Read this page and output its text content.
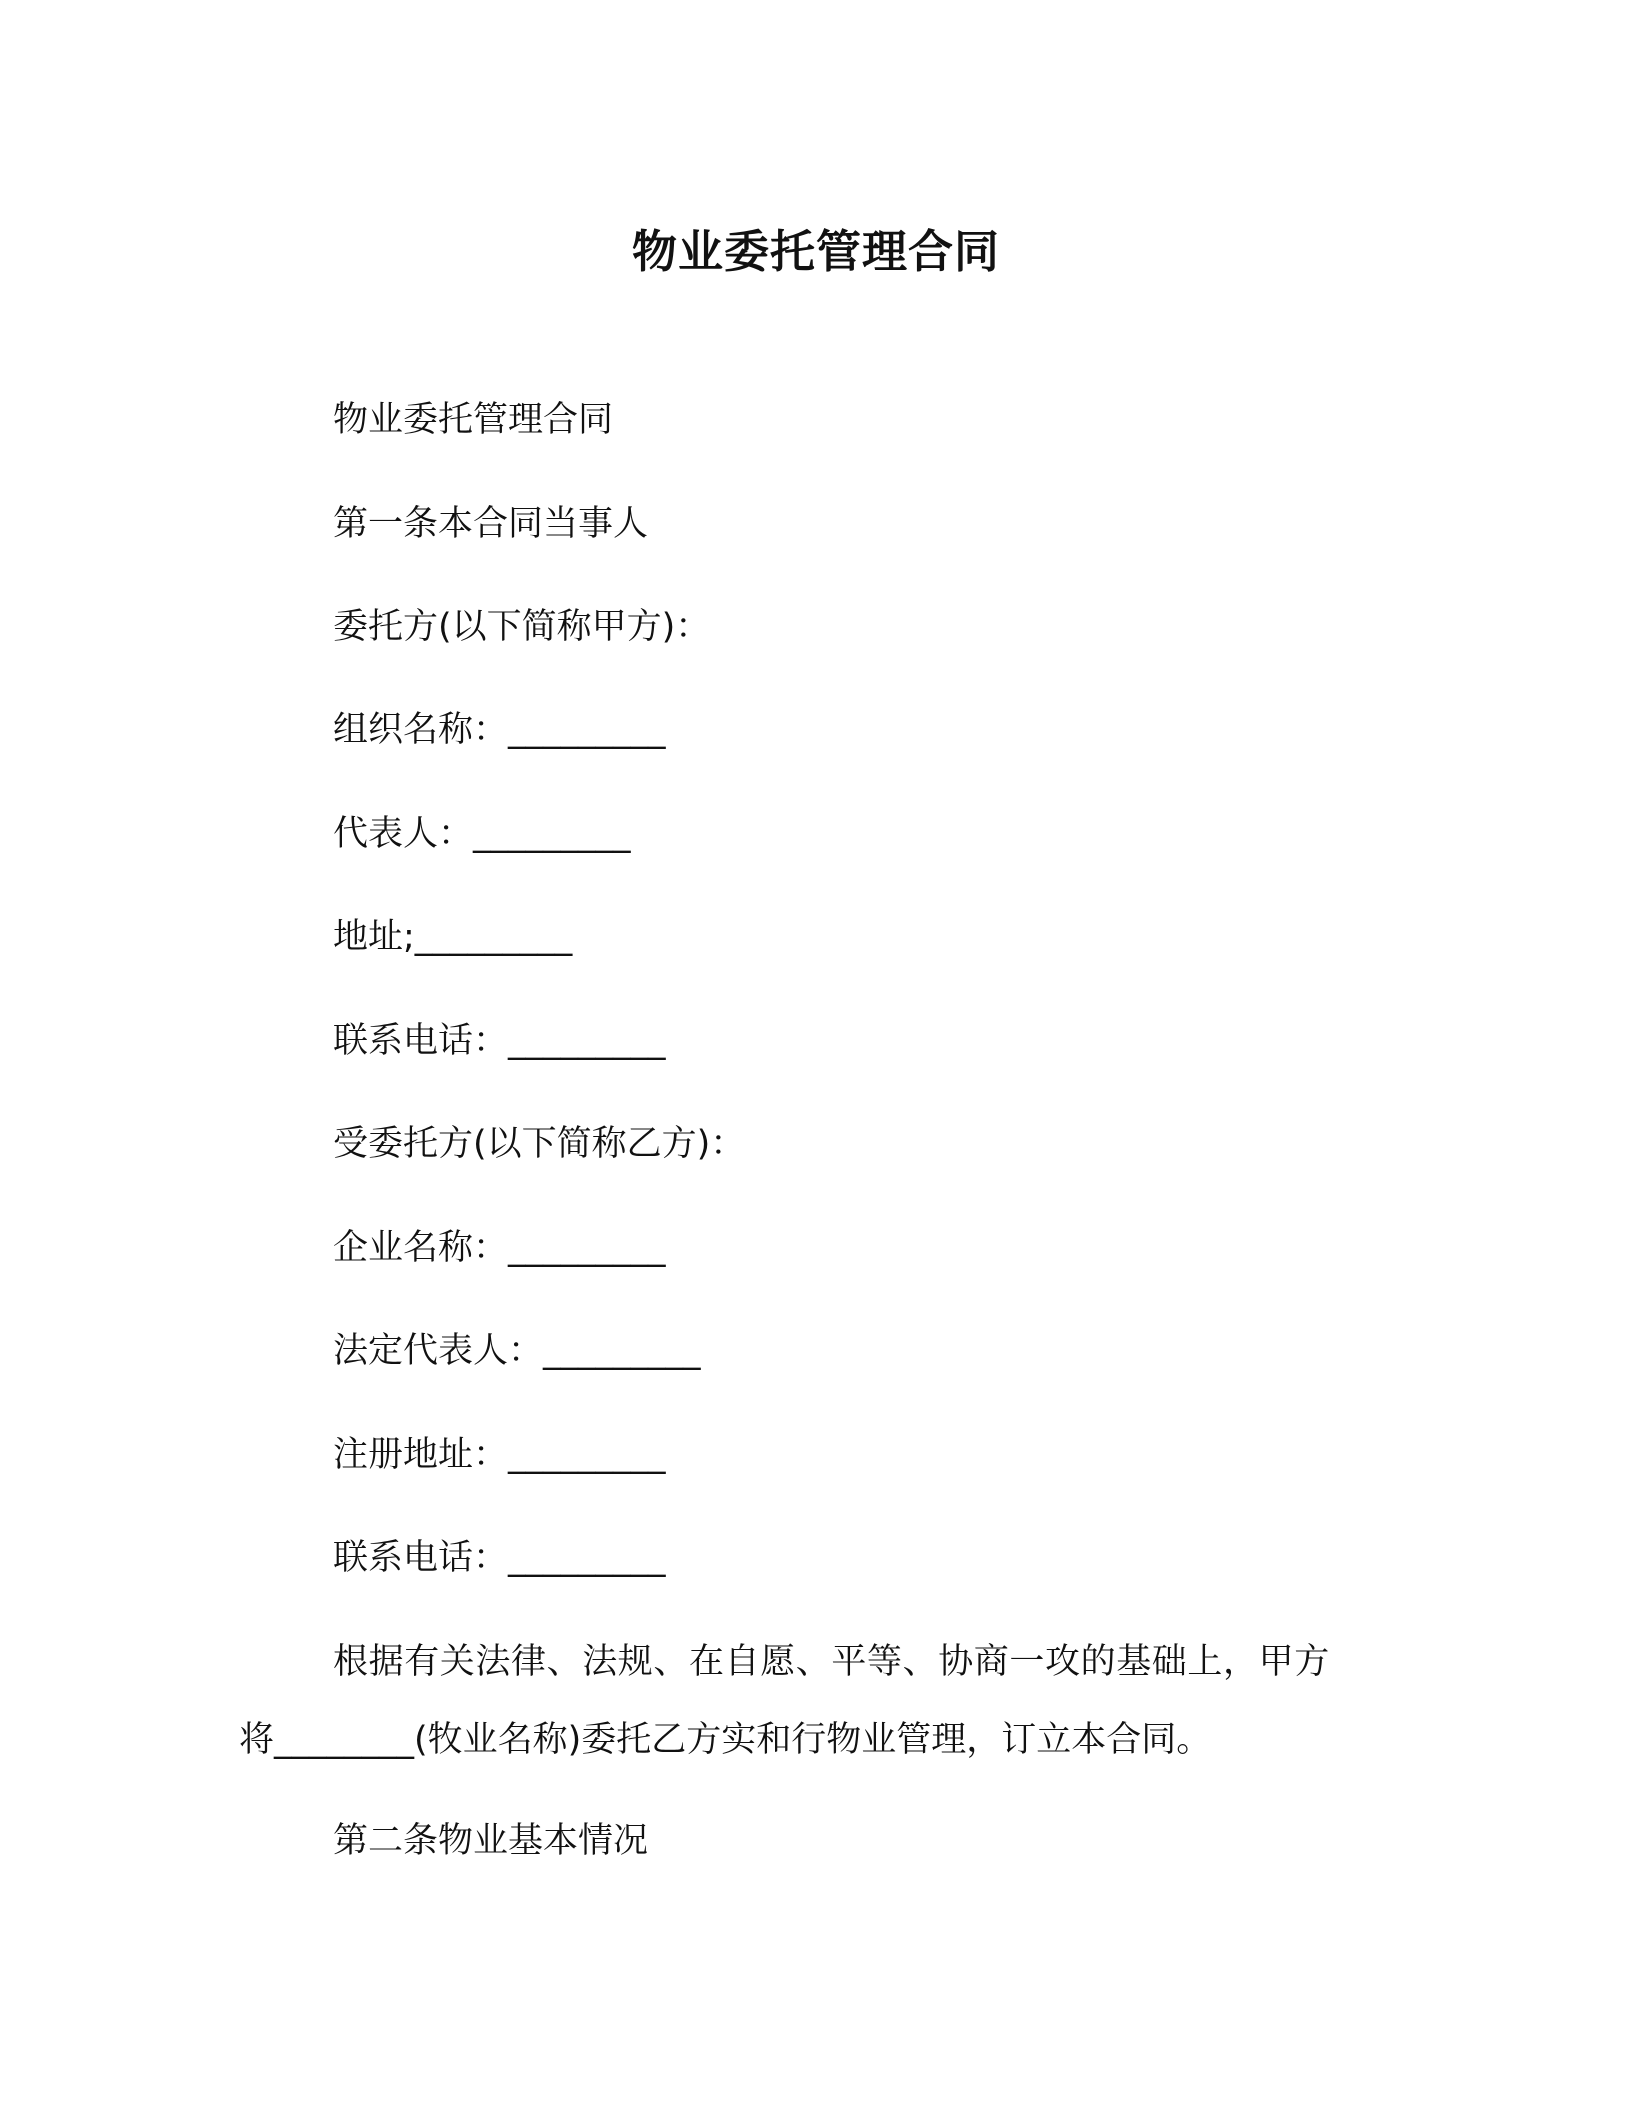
物业委托管理合同
物业委托管理合同
第一条本合同当事人
委托方(以下简称甲方)：
组织名称：_________
代表人：_________
地址;_________
联系电话：_________
受委托方(以下简称乙方)：
企业名称：_________
法定代表人：_________
注册地址：_________
联系电话：_________
根据有关法律、法规、在自愿、平等、协商一攻的基础上，甲方
将________(牧业名称)委托乙方实和行物业管理，订立本合同。
第二条物业基本情况
